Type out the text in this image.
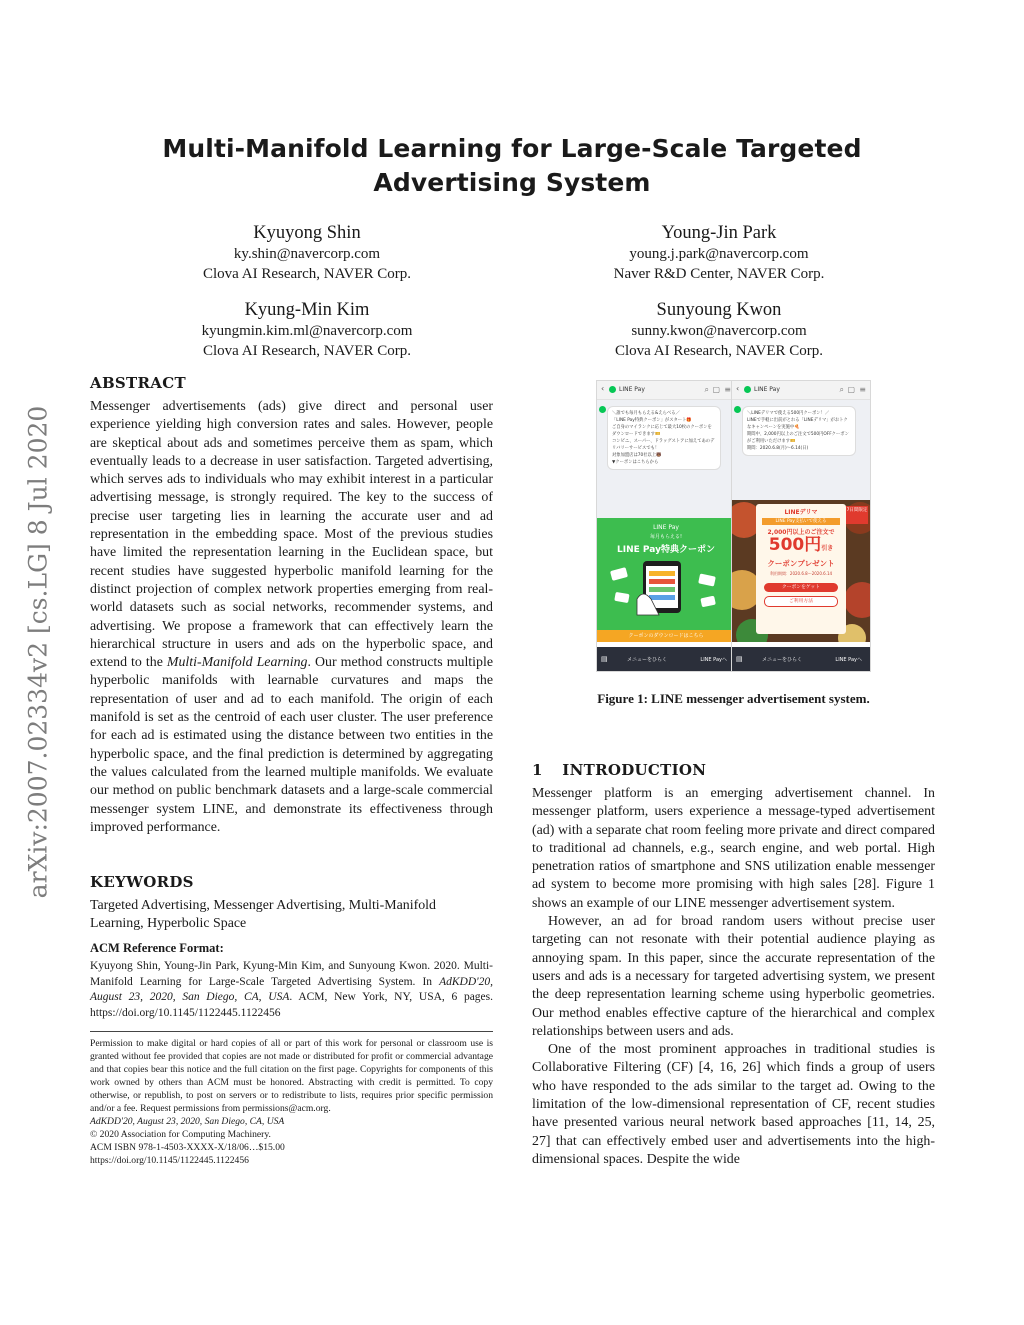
arXiv:2007.02334v2 [cs.LG] 8 Jul 2020
Multi-Manifold Learning for Large-Scale Targeted Advertising System
Kyuyong Shin
ky.shin@navercorp.com
Clova AI Research, NAVER Corp.
Young-Jin Park
young.j.park@navercorp.com
Naver R&D Center, NAVER Corp.
Kyung-Min Kim
kyungmin.kim.ml@navercorp.com
Clova AI Research, NAVER Corp.
Sunyoung Kwon
sunny.kwon@navercorp.com
Clova AI Research, NAVER Corp.
ABSTRACT
Messenger advertisements (ads) give direct and personal user experience yielding high conversion rates and sales. However, people are skeptical about ads and sometimes perceive them as spam, which eventually leads to a decrease in user satisfaction. Targeted advertising, which serves ads to individuals who may exhibit interest in a particular advertising message, is strongly required. The key to the success of precise user targeting lies in learning the accurate user and ad representation in the embedding space. Most of the previous studies have limited the representation learning in the Euclidean space, but recent studies have suggested hyperbolic manifold learning for the distinct projection of complex network properties emerging from real-world datasets such as social networks, recommender systems, and advertising. We propose a framework that can effectively learn the hierarchical structure in users and ads on the hyperbolic space, and extend to the Multi-Manifold Learning. Our method constructs multiple hyperbolic manifolds with learnable curvatures and maps the representation of user and ad to each manifold. The origin of each manifold is set as the centroid of each user cluster. The user preference for each ad is estimated using the distance between two entities in the hyperbolic space, and the final prediction is determined by aggregating the values calculated from the learned multiple manifolds. We evaluate our method on public benchmark datasets and a large-scale commercial messenger system LINE, and demonstrate its effectiveness through improved performance.
KEYWORDS
Targeted Advertising, Messenger Advertising, Multi-Manifold Learning, Hyperbolic Space
ACM Reference Format:
Kyuyong Shin, Young-Jin Park, Kyung-Min Kim, and Sunyoung Kwon. 2020. Multi-Manifold Learning for Large-Scale Targeted Advertising System. In AdKDD'20, August 23, 2020, San Diego, CA, USA. ACM, New York, NY, USA, 6 pages. https://doi.org/10.1145/1122445.1122456
Permission to make digital or hard copies of all or part of this work for personal or classroom use is granted without fee provided that copies are not made or distributed for profit or commercial advantage and that copies bear this notice and the full citation on the first page. Copyrights for components of this work owned by others than ACM must be honored. Abstracting with credit is permitted. To copy otherwise, or republish, to post on servers or to redistribute to lists, requires prior specific permission and/or a fee. Request permissions from permissions@acm.org.
AdKDD'20, August 23, 2020, San Diego, CA, USA
© 2020 Association for Computing Machinery.
ACM ISBN 978-1-4503-XXXX-X/18/06…$15.00
https://doi.org/10.1145/1122445.1122456
‹ LINE Pay	⌕ ▢ ≡
＼誰でも毎月もらえる&えらべる／
「LINE Pay特典クーポン」がスタート🎁
ご自身のマイランクに応じて最大10枚のクーポンをダウンロードできます🎫
コンビニ、スーパー、ドラッグストアに加えてあのデリバリーサービスでも！
対象加盟店は70社以上🐻
▼クーポンはこちらから
LINE Pay
毎月もらえる!
LINE Pay特典クーポン
クーポンのダウンロードはこちら
▤	メニューをひらく	LINE Payへ
‹ LINE Pay	⌕ ▢ ≡
＼LINEデリマで使える500円クーポン！／
LINEで手軽に出前がとれる「LINEデリマ」がおトクなキャンペーンを実施中🍕
期間中、2,000円以上のご注文で500円OFFクーポンがご利用いただけます🎫
期間：2020.6.8(月)～6.14(日)
LINEデリマ
LINE Pay支払いで使える
2,000円以上のご注文で
500円引き
クーポンプレゼント
利用期間：2020.6.8〜2020.6.14
クーポンをゲット
ご利用方法
7日間限定
▤	メニューをひらく	LINE Payへ
Figure 1: LINE messenger advertisement system.
1 INTRODUCTION

Messenger platform is an emerging advertisement channel. In messenger platform, users experience a message-typed advertisement (ad) with a separate chat room feeling more private and direct compared to traditional ad channels, e.g., search engine, and web portal. High penetration ratios of smartphone and SNS utilization enable messenger ad system to become more promising with high sales [28]. Figure 1 shows an example of our LINE messenger advertisement system.

However, an ad for broad random users without precise user targeting can not resonate with their potential audience playing as annoying spam. In this paper, since the accurate representation of the users and ads is a necessary for targeted advertising system, we present the deep representation learning scheme using hyperbolic geometries. Our method enables effective capture of the hierarchical and complex relationships between users and ads.

One of the most prominent approaches in traditional studies is Collaborative Filtering (CF) [4, 16, 26] which finds a group of users who have responded to the ads similar to the target ad. Owing to the limitation of the low-dimensional representation of CF, recent studies have presented various neural network based approaches [11, 14, 25, 27] that can effectively embed user and advertisements into the high-dimensional spaces. Despite the wide
